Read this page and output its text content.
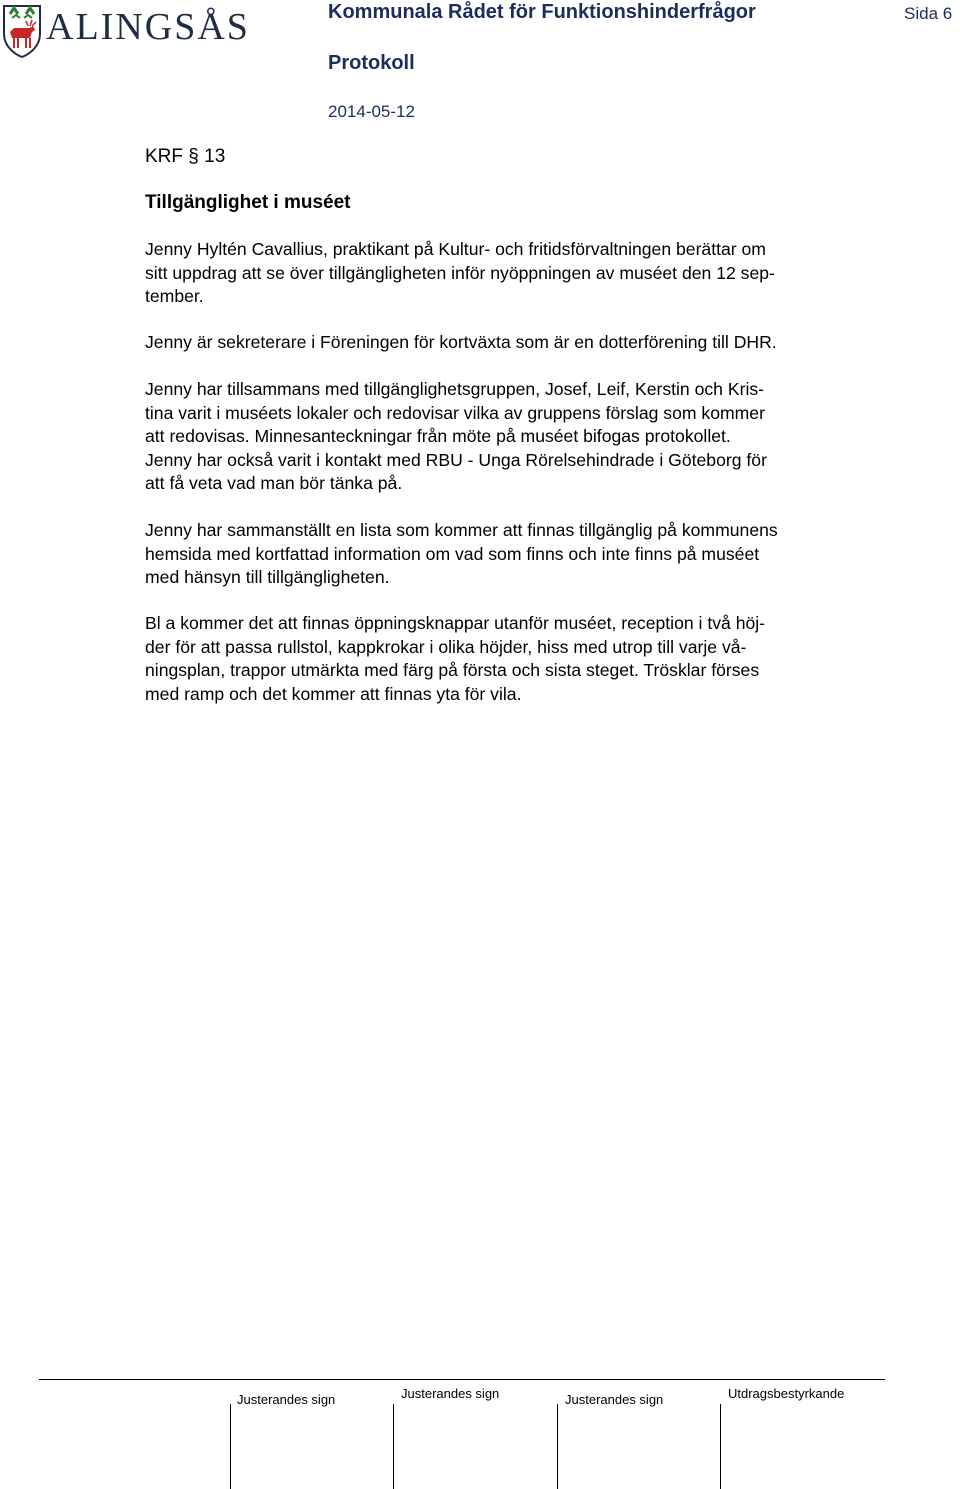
ALINGSÅS	Kommunala Rådet för Funktionshinderfrågor	Sida 6
Protokoll
2014-05-12
KRF § 13
Tillgänglighet i muséet
Jenny Hyltén Cavallius, praktikant på Kultur- och fritidsförvaltningen berättar om
sitt uppdrag att se över tillgängligheten inför nyöppningen av muséet den 12 sep-
tember.
Jenny är sekreterare i Föreningen för kortväxta som är en dotterförening till DHR.
Jenny har tillsammans med tillgänglighetsgruppen, Josef, Leif, Kerstin och Kris-
tina varit i muséets lokaler och redovisar vilka av gruppens förslag som kommer
att redovisas. Minnesanteckningar från möte på muséet bifogas protokollet.
Jenny har också varit i kontakt med RBU - Unga Rörelsehindrade i Göteborg för
att få veta vad man bör tänka på.
Jenny har sammanställt en lista som kommer att finnas tillgänglig på kommunens
hemsida med kortfattad information om vad som finns och inte finns på muséet
med hänsyn till tillgängligheten.
Bl a kommer det att finnas öppningsknappar utanför muséet, reception i två höj-
der för att passa rullstol, kappkrokar i olika höjder, hiss med utrop till varje vå-
ningsplan, trappor utmärkta med färg på första och sista steget. Trösklar förses
med ramp och det kommer att finnas yta för vila.
Justerandes sign	Justerandes sign	Justerandes sign	Utdragsbestyrkande
